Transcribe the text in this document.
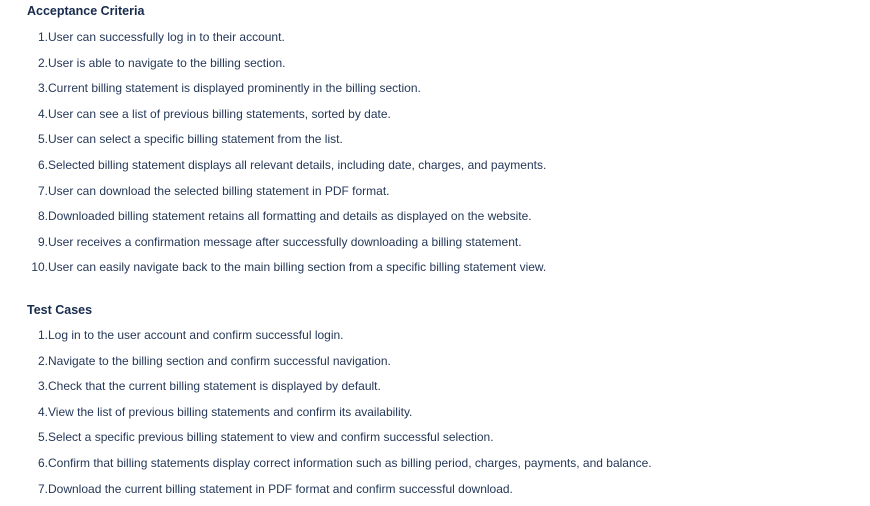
Acceptance Criteria
1. User can successfully log in to their account.
2. User is able to navigate to the billing section.
3. Current billing statement is displayed prominently in the billing section.
4. User can see a list of previous billing statements, sorted by date.
5. User can select a specific billing statement from the list.
6. Selected billing statement displays all relevant details, including date, charges, and payments.
7. User can download the selected billing statement in PDF format.
8. Downloaded billing statement retains all formatting and details as displayed on the website.
9. User receives a confirmation message after successfully downloading a billing statement.
10. User can easily navigate back to the main billing section from a specific billing statement view.
Test Cases
1. Log in to the user account and confirm successful login.
2. Navigate to the billing section and confirm successful navigation.
3. Check that the current billing statement is displayed by default.
4. View the list of previous billing statements and confirm its availability.
5. Select a specific previous billing statement to view and confirm successful selection.
6. Confirm that billing statements display correct information such as billing period, charges, payments, and balance.
7. Download the current billing statement in PDF format and confirm successful download.
